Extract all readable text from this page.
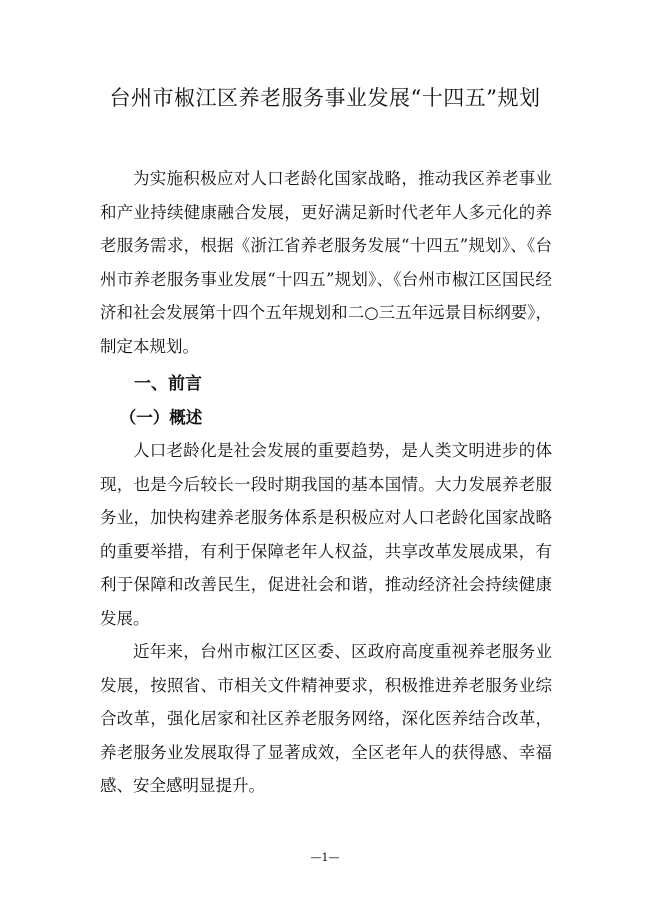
台州市椒江区养老服务事业发展“十四五”规划
为实施积极应对人口老龄化国家战略，推动我区养老事业和产业持续健康融合发展，更好满足新时代老年人多元化的养老服务需求，根据《浙江省养老服务发展“十四五”规划》、《台州市养老服务事业发展“十四五”规划》、《台州市椒江区国民经济和社会发展第十四个五年规划和二○三五年远景目标纲要》，制定本规划。
一、前言
（一）概述
人口老龄化是社会发展的重要趋势，是人类文明进步的体现，也是今后较长一段时期我国的基本国情。大力发展养老服务业，加快构建养老服务体系是积极应对人口老龄化国家战略的重要举措，有利于保障老年人权益，共享改革发展成果，有利于保障和改善民生，促进社会和谐，推动经济社会持续健康发展。
近年来，台州市椒江区区委、区政府高度重视养老服务业发展，按照省、市相关文件精神要求，积极推进养老服务业综合改革，强化居家和社区养老服务网络，深化医养结合改革，养老服务业发展取得了显著成效，全区老年人的获得感、幸福感、安全感明显提升。
—1—
